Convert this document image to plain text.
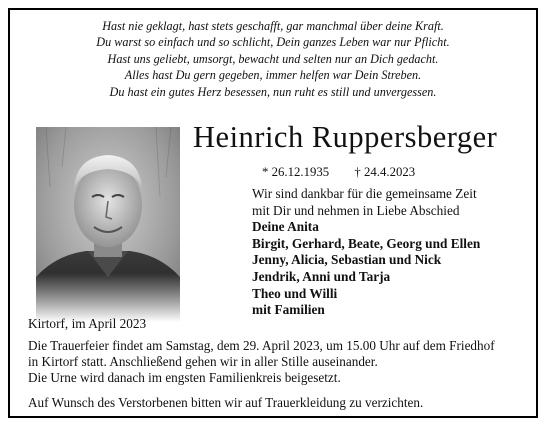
Hast nie geklagt, hast stets geschafft, gar manchmal über deine Kraft.
Du warst so einfach und so schlicht, Dein ganzes Leben war nur Pflicht.
Hast uns geliebt, umsorgt, bewacht und selten nur an Dich gedacht.
Alles hast Du gern gegeben, immer helfen war Dein Streben.
Du hast ein gutes Herz besessen, nun ruht es still und unvergessen.
Heinrich Ruppersberger
* 26.12.1935 † 24.4.2023
Wir sind dankbar für die gemeinsame Zeit
mit Dir und nehmen in Liebe Abschied
Deine Anita
Birgit, Gerhard, Beate, Georg und Ellen
Jenny, Alicia, Sebastian und Nick
Jendrik, Anni und Tarja
Theo und Willi
mit Familien
Kirtorf, im April 2023
Die Trauerfeier findet am Samstag, dem 29. April 2023, um 15.00 Uhr auf dem Friedhof
in Kirtorf statt. Anschließend gehen wir in aller Stille auseinander.
Die Urne wird danach im engsten Familienkreis beigesetzt.
Auf Wunsch des Verstorbenen bitten wir auf Trauerkleidung zu verzichten.
